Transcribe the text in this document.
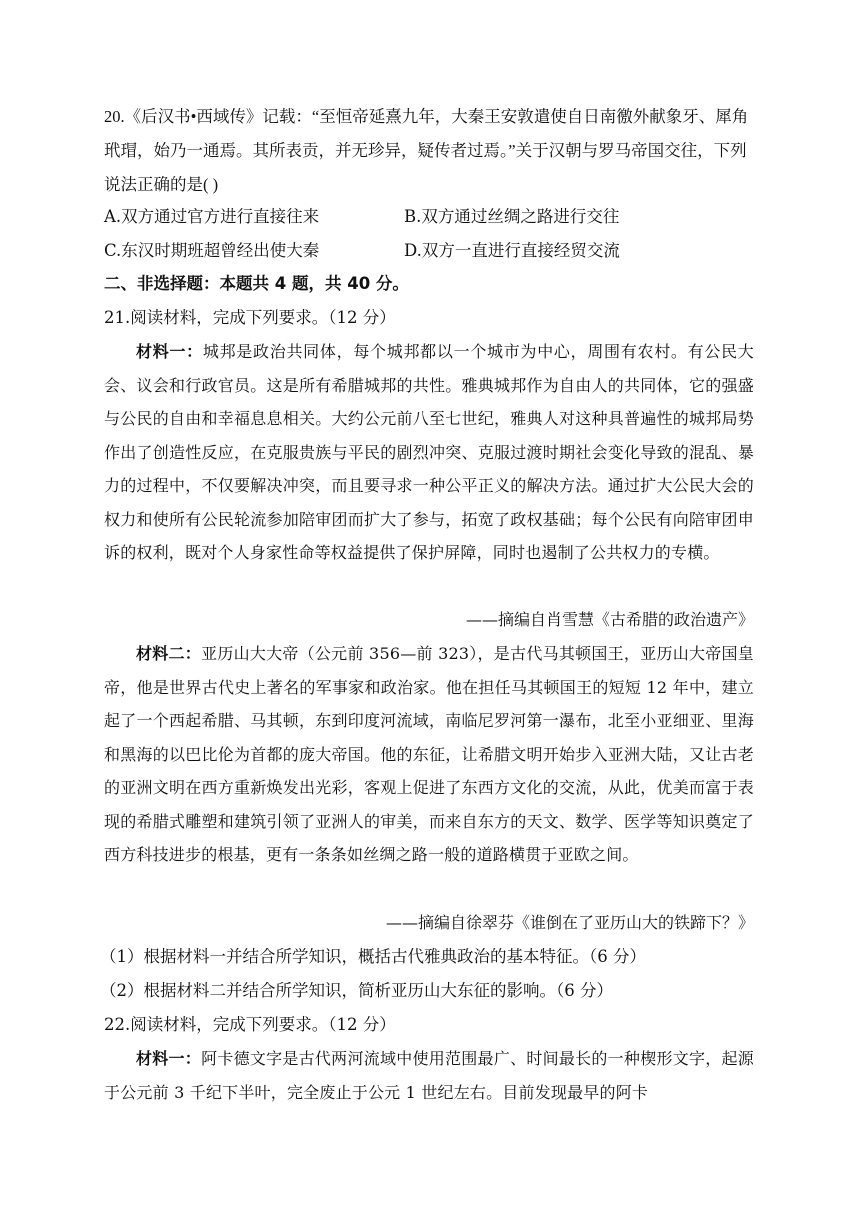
20.《后汉书•西域传》记载：“至恒帝延熹九年，大秦王安敦遣使自日南徼外献象牙、犀角玳瑁，始乃一通焉。其所表贡，并无珍异，疑传者过焉。”关于汉朝与罗马帝国交往，下列说法正确的是( )
A.双方通过官方进行直接往来	B.双方通过丝绸之路进行交往
C.东汉时期班超曾经出使大秦	D.双方一直进行直接经贸交流
二、非选择题：本题共 4 题，共 40 分。
21.阅读材料，完成下列要求。（12 分）
材料一：城邦是政治共同体，每个城邦都以一个城市为中心，周围有农村。有公民大会、议会和行政官员。这是所有希腊城邦的共性。雅典城邦作为自由人的共同体，它的强盛与公民的自由和幸福息息相关。大约公元前八至七世纪，雅典人对这种具普遍性的城邦局势作出了创造性反应，在克服贵族与平民的剧烈冲突、克服过渡时期社会变化导致的混乱、暴力的过程中，不仅要解决冲突，而且要寻求一种公平正义的解决方法。通过扩大公民大会的权力和使所有公民轮流参加陪审团而扩大了参与，拓宽了政权基础；每个公民有向陪审团申诉的权利，既对个人身家性命等权益提供了保护屏障，同时也遏制了公共权力的专横。
——摘编自肖雪慧《古希腊的政治遗产》
材料二：亚历山大大帝（公元前 356—前 323），是古代马其顿国王，亚历山大帝国皇帝，他是世界古代史上著名的军事家和政治家。他在担任马其顿国王的短短 12 年中，建立起了一个西起希腊、马其顿，东到印度河流域，南临尼罗河第一瀑布，北至小亚细亚、里海和黑海的以巴比伦为首都的庞大帝国。他的东征，让希腊文明开始步入亚洲大陆，又让古老的亚洲文明在西方重新焕发出光彩，客观上促进了东西方文化的交流，从此，优美而富于表现的希腊式雕塑和建筑引领了亚洲人的审美，而来自东方的天文、数学、医学等知识奠定了西方科技进步的根基，更有一条条如丝绸之路一般的道路横贯于亚欧之间。
——摘编自徐翠芬《谁倒在了亚历山大的铁蹄下？》
（1）根据材料一并结合所学知识，概括古代雅典政治的基本特征。（6 分）
（2）根据材料二并结合所学知识，简析亚历山大东征的影响。（6 分）
22.阅读材料，完成下列要求。（12 分）
材料一：阿卡德文字是古代两河流域中使用范围最广、时间最长的一种楔形文字，起源于公元前 3 千纪下半叶，完全废止于公元 1 世纪左右。目前发现最早的阿卡
